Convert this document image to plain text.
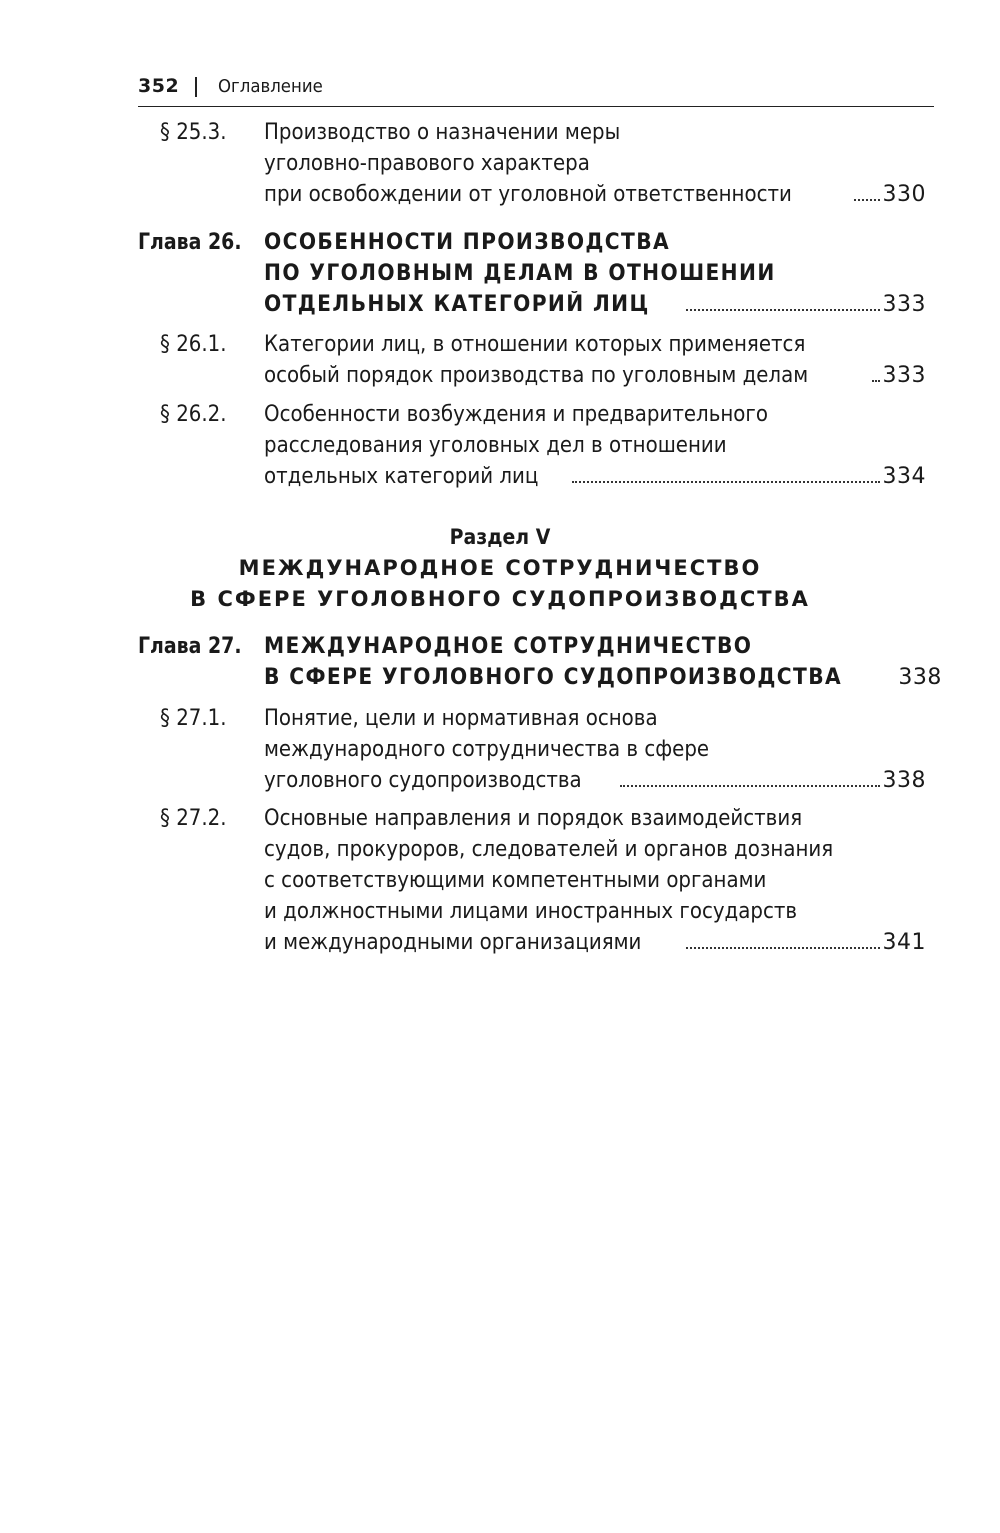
352 Оглавление
§ 25.3. Производство о назначении меры
уголовно-правового характера
при освобождении от уголовной ответственности	330
Глава 26. ОСОБЕННОСТИ ПРОИЗВОДСТВА
ПО УГОЛОВНЫМ ДЕЛАМ В ОТНОШЕНИИ
ОТДЕЛЬНЫХ КАТЕГОРИЙ ЛИЦ	333
§ 26.1. Категории лиц, в отношении которых применяется
особый порядок производства по уголовным делам	333
§ 26.2. Особенности возбуждения и предварительного
расследования уголовных дел в отношении
отдельных категорий лиц	334
Раздел V
МЕЖДУНАРОДНОЕ СОТРУДНИЧЕСТВО
В СФЕРЕ УГОЛОВНОГО СУДОПРОИЗВОДСТВА
Глава 27. МЕЖДУНАРОДНОЕ СОТРУДНИЧЕСТВО
В СФЕРЕ УГОЛОВНОГО СУДОПРОИЗВОДСТВА	338
§ 27.1. Понятие, цели и нормативная основа
международного сотрудничества в сфере
уголовного судопроизводства	338
§ 27.2. Основные направления и порядок взаимодействия
судов, прокуроров, следователей и органов дознания
с соответствующими компетентными органами
и должностными лицами иностранных государств
и международными организациями	341
